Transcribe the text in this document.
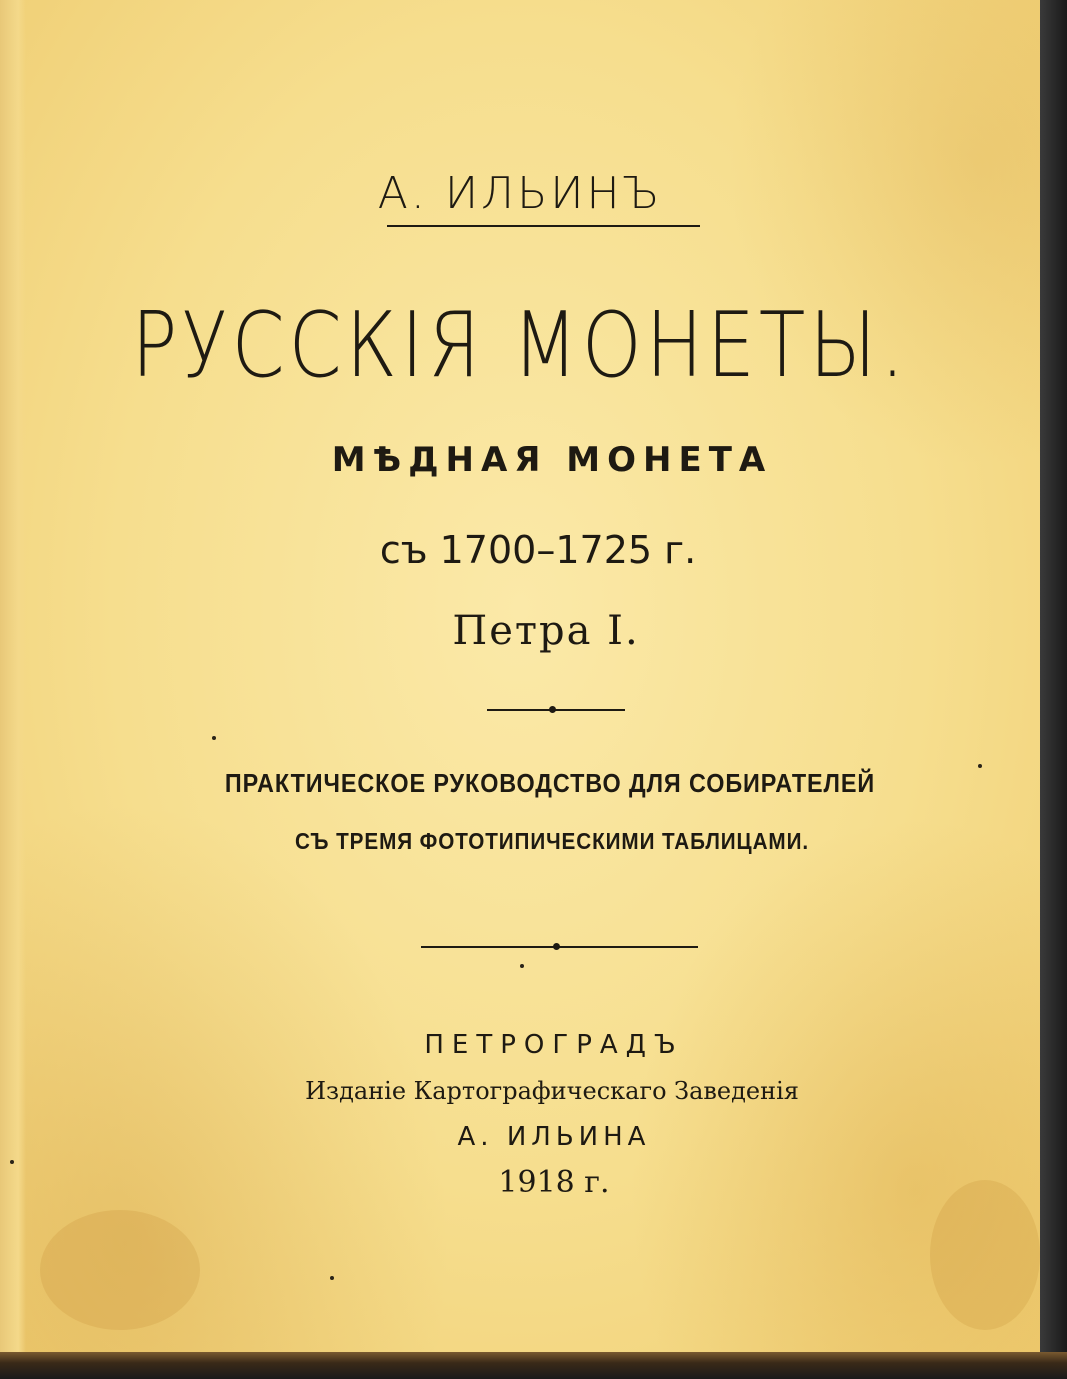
А. ИЛЬИНЪ

РУССКIЯ МОНЕТЫ.

МѢДНАЯ МОНЕТА

съ 1700–1725 г.

Петра I.

ПРАКТИЧЕСКОЕ РУКОВОДСТВО ДЛЯ СОБИРАТЕЛЕЙ

СЪ ТРЕМЯ ФОТОТИПИЧЕСКИМИ ТАБЛИЦАМИ.

ПЕТРОГРАДЪ

Изданiе Картографическаго Заведенiя

А. ИЛЬИНА

1918 г.
